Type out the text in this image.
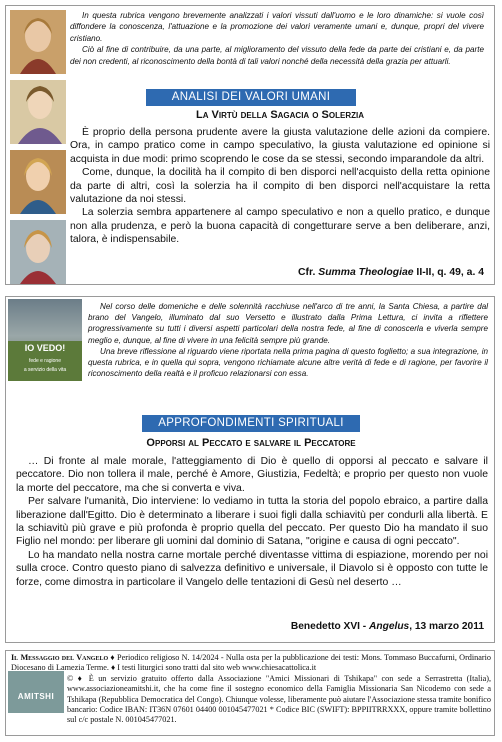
In questa rubrica vengono brevemente analizzati i valori vissuti dall'uomo e le loro dinamiche: si vuole così diffondere la conoscenza, l'attuazione e la promozione dei valori veramente umani e, dunque, propri del vivere cristiano.

Ciò al fine di contribuire, da una parte, al miglioramento del vissuto della fede da parte dei cristiani e, da parte dei non credenti, al riconoscimento della bontà di tali valori nonché della necessità della grazia per attuarli.

ANALISI DEI VALORI UMANI
La Virtù della Sagacia o Solerzia

È proprio della persona prudente avere la giusta valutazione delle azioni da compiere. Ora, in campo pratico come in campo speculativo, la giusta valutazione ed opinione si acquista in due modi: primo scoprendo le cose da se stessi, secondo imparandole da altri.

Come, dunque, la docilità ha il compito di ben disporci nell'acquisto della retta opinione da parte di altri, così la solerzia ha il compito di ben disporci nell'acquistare la retta valutazione da noi stessi.

La solerzia sembra appartenere al campo speculativo e non a quello pratico, e dunque non alla prudenza, e però la buona capacità di congetturare serve a ben deliberare, anzi, talora, è indispensabile.

Cfr. Summa Theologiae II-II, q. 49, a. 4
IO VEDO!
fede e ragione
a servizio della vita

Nel corso delle domeniche e delle solennità racchiuse nell'arco di tre anni, la Santa Chiesa, a partire dal brano del Vangelo, illuminato dal suo Versetto e illustrato dalla Prima Lettura, ci invita a riflettere progressivamente su tutti i diversi aspetti particolari della nostra fede, al fine di conoscerla e viverla sempre meglio e, dunque, al fine di vivere in una felicità sempre più grande.

Una breve riflessione al riguardo viene riportata nella prima pagina di questo foglietto; a sua integrazione, in questa rubrica, e in quella qui sopra, vengono richiamate alcune altre verità di fede e di ragione, per favorire il riconoscimento della realtà e il proficuo relazionarsi con essa.

APPROFONDIMENTI SPIRITUALI
Opporsi al Peccato e salvare il Peccatore

… Di fronte al male morale, l'atteggiamento di Dio è quello di opporsi al peccato e salvare il peccatore. Dio non tollera il male, perché è Amore, Giustizia, Fedeltà; e proprio per questo non vuole la morte del peccatore, ma che si converta e viva.

Per salvare l'umanità, Dio interviene: lo vediamo in tutta la storia del popolo ebraico, a partire dalla liberazione dall'Egitto. Dio è determinato a liberare i suoi figli dalla schiavitù per condurli alla libertà. E la schiavitù più grave e più profonda è proprio quella del peccato. Per questo Dio ha mandato il suo Figlio nel mondo: per liberare gli uomini dal dominio di Satana, "origine e causa di ogni peccato".

Lo ha mandato nella nostra carne mortale perché diventasse vittima di espiazione, morendo per noi sulla croce. Contro questo piano di salvezza definitivo e universale, il Diavolo si è opposto con tutte le forze, come dimostra in particolare il Vangelo delle tentazioni di Gesù nel deserto …

Benedetto XVI - Angelus, 13 marzo 2011
AMITSHI
Il Messaggio del Vangelo ♦ Periodico religioso N. 14/2024 - Nulla osta per la pubblicazione dei testi: Mons. Tommaso Buccafurni, Ordinario Diocesano di Lamezia Terme. ♦ I testi liturgici sono tratti dal sito web www.chiesacattolica.it
© ♦ È un servizio gratuito offerto dalla Associazione "Amici Missionari di Tshikapa" con sede a Serrastretta (Italia), www.associazioneamitshi.it, che ha come fine il sostegno economico della Famiglia Missionaria San Nicodemo con sede a Tshikapa (Repubblica Democratica del Congo). Chiunque volesse, liberamente può aiutare l'Associazione stessa tramite bonifico bancario: Codice IBAN: IT36N 07601 04400 001045477021 * Codice BIC (SWIFT): BPPIITRRXXX, oppure tramite bollettino sul c/c postale N. 001045477021.
